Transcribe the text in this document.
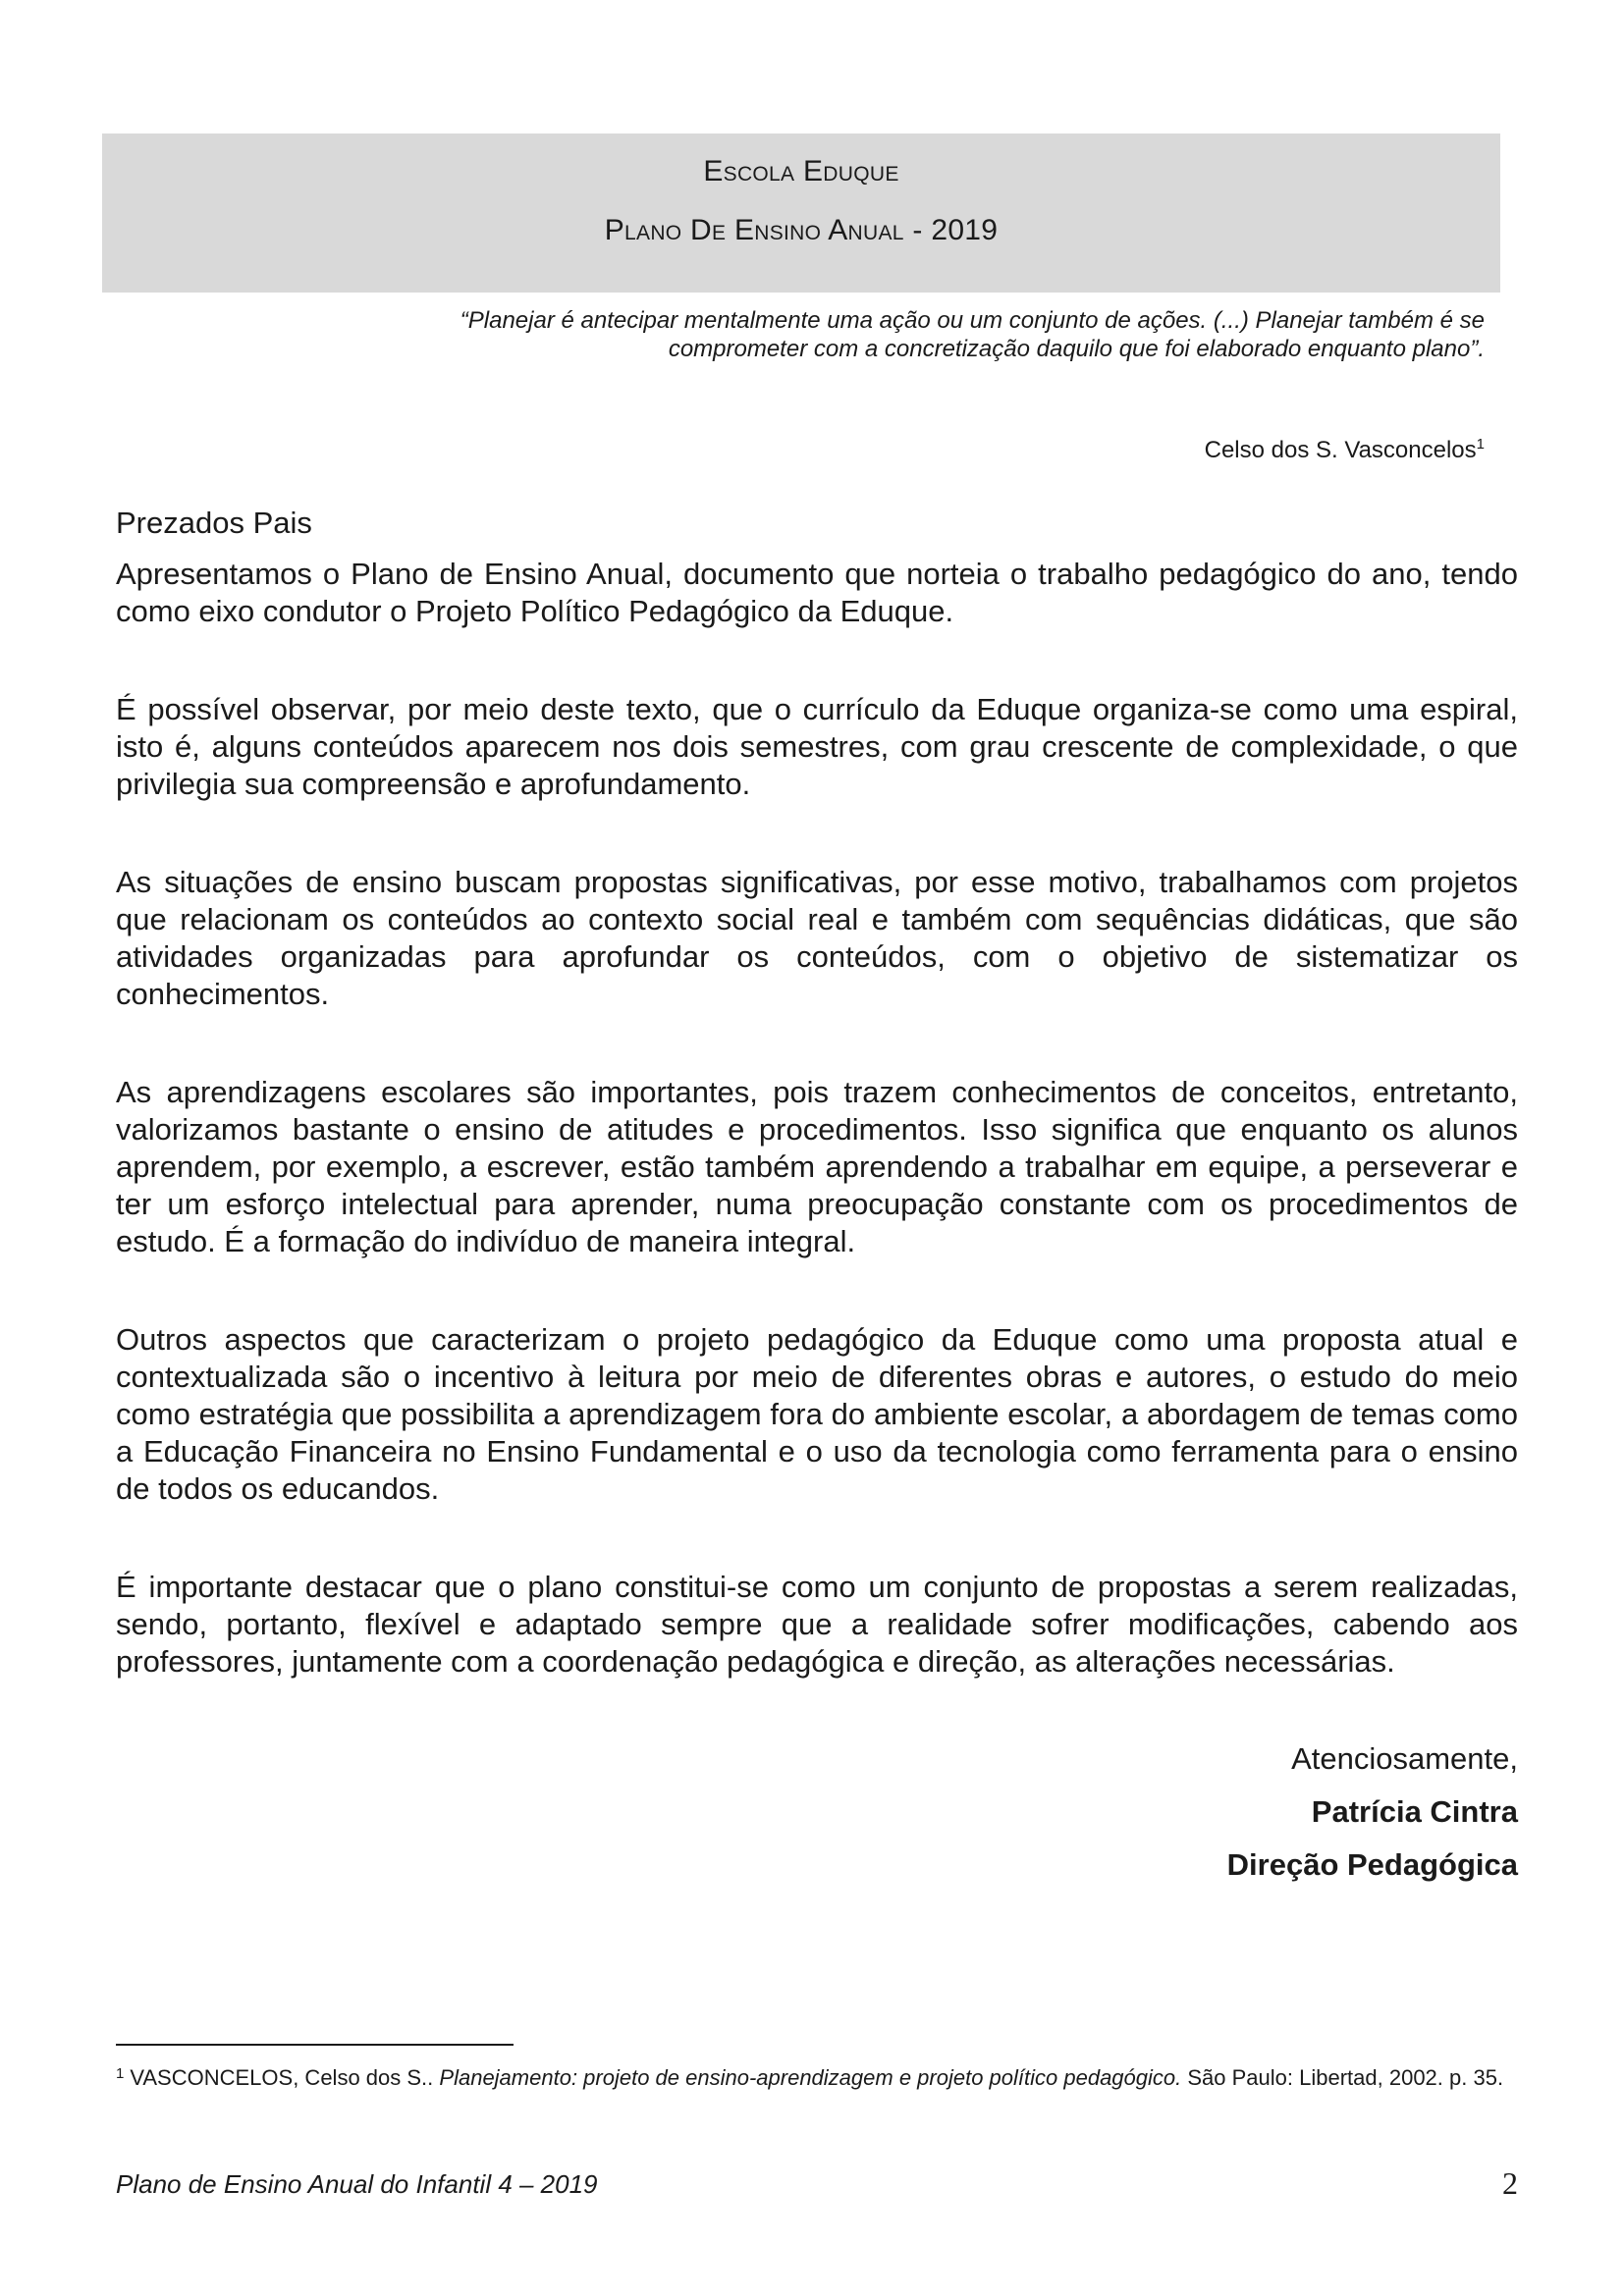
Escola Eduque
Plano De Ensino Anual - 2019
“Planejar é antecipar mentalmente uma ação ou um conjunto de ações. (...) Planejar também é se comprometer com a concretização daquilo que foi elaborado enquanto plano”.
Celso dos S. Vasconcelos$^1$
Prezados Pais
Apresentamos o Plano de Ensino Anual, documento que norteia o trabalho pedagógico do ano, tendo como eixo condutor o Projeto Político Pedagógico da Eduque.
É possível observar, por meio deste texto, que o currículo da Eduque organiza-se como uma espiral, isto é, alguns conteúdos aparecem nos dois semestres, com grau crescente de complexidade, o que privilegia sua compreensão e aprofundamento.
As situações de ensino buscam propostas significativas, por esse motivo, trabalhamos com projetos que relacionam os conteúdos ao contexto social real e também com sequências didáticas, que são atividades organizadas para aprofundar os conteúdos, com o objetivo de sistematizar os conhecimentos.
As aprendizagens escolares são importantes, pois trazem conhecimentos de conceitos, entretanto, valorizamos bastante o ensino de atitudes e procedimentos. Isso significa que enquanto os alunos aprendem, por exemplo, a escrever, estão também aprendendo a trabalhar em equipe, a perseverar e ter um esforço intelectual para aprender, numa preocupação constante com os procedimentos de estudo. É a formação do indivíduo de maneira integral.
Outros aspectos que caracterizam o projeto pedagógico da Eduque como uma proposta atual e contextualizada são o incentivo à leitura por meio de diferentes obras e autores, o estudo do meio como estratégia que possibilita a aprendizagem fora do ambiente escolar, a abordagem de temas como a Educação Financeira no Ensino Fundamental e o uso da tecnologia como ferramenta para o ensino de todos os educandos.
É importante destacar que o plano constitui-se como um conjunto de propostas a serem realizadas, sendo, portanto, flexível e adaptado sempre que a realidade sofrer modificações, cabendo aos professores, juntamente com a coordenação pedagógica e direção, as alterações necessárias.
Atenciosamente,
Patrícia Cintra
Direção Pedagógica
$^1$ VASCONCELOS, Celso dos S.. Planejamento: projeto de ensino-aprendizagem e projeto político pedagógico. São Paulo: Libertad, 2002. p. 35.
Plano de Ensino Anual do Infantil 4 – 2019	2
